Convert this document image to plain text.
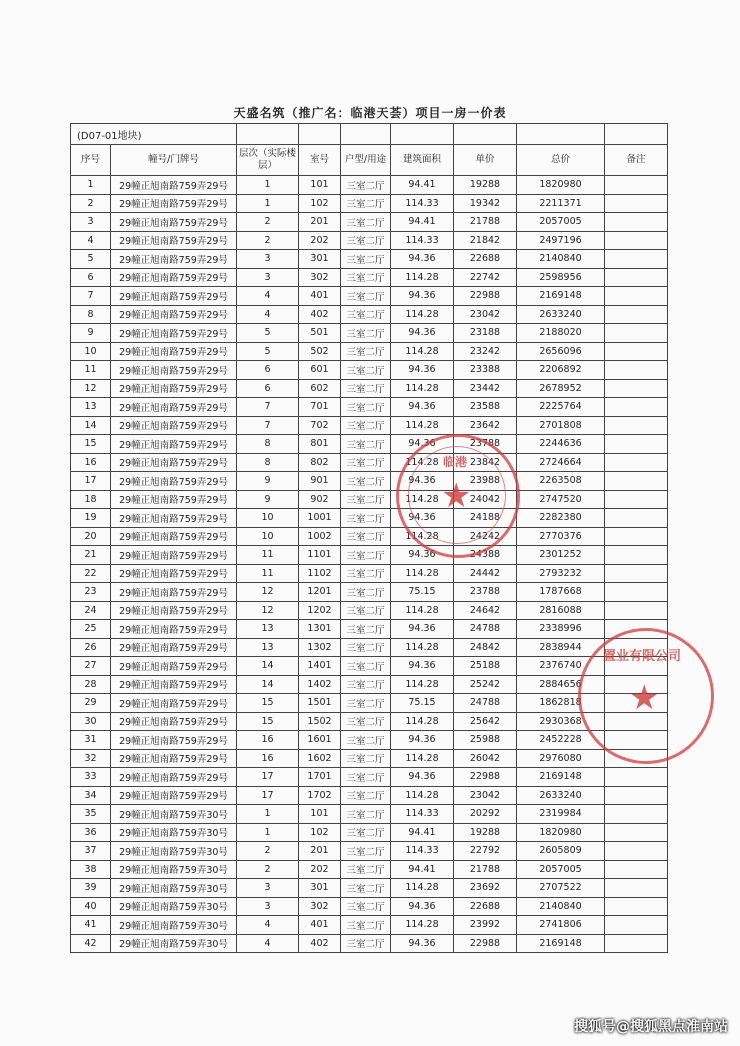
天盛名筑（推广名：临港天荟）项目一房一价表
(D07-01地块)								
序号	幢号/门牌号	层次（实际楼层）	室号	户型/用途	建筑面积	单价	总价	备注
1	29幢正旭南路759弄29号	1	101	三室二厅	94.41	19288	1820980	
2	29幢正旭南路759弄29号	1	102	三室二厅	114.33	19342	2211371	
3	29幢正旭南路759弄29号	2	201	三室二厅	94.41	21788	2057005	
4	29幢正旭南路759弄29号	2	202	三室二厅	114.33	21842	2497196	
5	29幢正旭南路759弄29号	3	301	三室二厅	94.36	22688	2140840	
6	29幢正旭南路759弄29号	3	302	三室二厅	114.28	22742	2598956	
7	29幢正旭南路759弄29号	4	401	三室二厅	94.36	22988	2169148	
8	29幢正旭南路759弄29号	4	402	三室二厅	114.28	23042	2633240	
9	29幢正旭南路759弄29号	5	501	三室二厅	94.36	23188	2188020	
10	29幢正旭南路759弄29号	5	502	三室二厅	114.28	23242	2656096	
11	29幢正旭南路759弄29号	6	601	三室二厅	94.36	23388	2206892	
12	29幢正旭南路759弄29号	6	602	三室二厅	114.28	23442	2678952	
13	29幢正旭南路759弄29号	7	701	三室二厅	94.36	23588	2225764	
14	29幢正旭南路759弄29号	7	702	三室二厅	114.28	23642	2701808	
15	29幢正旭南路759弄29号	8	801	三室二厅	94.36	23788	2244636	
16	29幢正旭南路759弄29号	8	802	三室二厅	114.28	23842	2724664	
17	29幢正旭南路759弄29号	9	901	三室二厅	94.36	23988	2263508	
18	29幢正旭南路759弄29号	9	902	三室二厅	114.28	24042	2747520	
19	29幢正旭南路759弄29号	10	1001	三室二厅	94.36	24188	2282380	
20	29幢正旭南路759弄29号	10	1002	三室二厅	114.28	24242	2770376	
21	29幢正旭南路759弄29号	11	1101	三室二厅	94.36	24388	2301252	
22	29幢正旭南路759弄29号	11	1102	三室二厅	114.28	24442	2793232	
23	29幢正旭南路759弄29号	12	1201	三室二厅	75.15	23788	1787668	
24	29幢正旭南路759弄29号	12	1202	三室二厅	114.28	24642	2816088	
25	29幢正旭南路759弄29号	13	1301	三室二厅	94.36	24788	2338996	
26	29幢正旭南路759弄29号	13	1302	三室二厅	114.28	24842	2838944	
27	29幢正旭南路759弄29号	14	1401	三室二厅	94.36	25188	2376740	
28	29幢正旭南路759弄29号	14	1402	三室二厅	114.28	25242	2884656	
29	29幢正旭南路759弄29号	15	1501	三室二厅	75.15	24788	1862818	
30	29幢正旭南路759弄29号	15	1502	三室二厅	114.28	25642	2930368	
31	29幢正旭南路759弄29号	16	1601	三室二厅	94.36	25988	2452228	
32	29幢正旭南路759弄29号	16	1602	三室二厅	114.28	26042	2976080	
33	29幢正旭南路759弄29号	17	1701	三室二厅	94.36	22988	2169148	
34	29幢正旭南路759弄29号	17	1702	三室二厅	114.28	23042	2633240	
35	29幢正旭南路759弄30号	1	101	三室二厅	114.33	20292	2319984	
36	29幢正旭南路759弄30号	1	102	三室二厅	94.41	19288	1820980	
37	29幢正旭南路759弄30号	2	201	三室二厅	114.33	22792	2605809	
38	29幢正旭南路759弄30号	2	202	三室二厅	94.41	21788	2057005	
39	29幢正旭南路759弄30号	3	301	三室二厅	114.28	23692	2707522	
40	29幢正旭南路759弄30号	3	302	三室二厅	94.36	22688	2140840	
41	29幢正旭南路759弄30号	4	401	三室二厅	114.28	23992	2741806	
42	29幢正旭南路759弄30号	4	402	三室二厅	94.36	22988	2169148	
★
临港
★
置业有限公司
搜狐号@搜狐黑点淮南站
